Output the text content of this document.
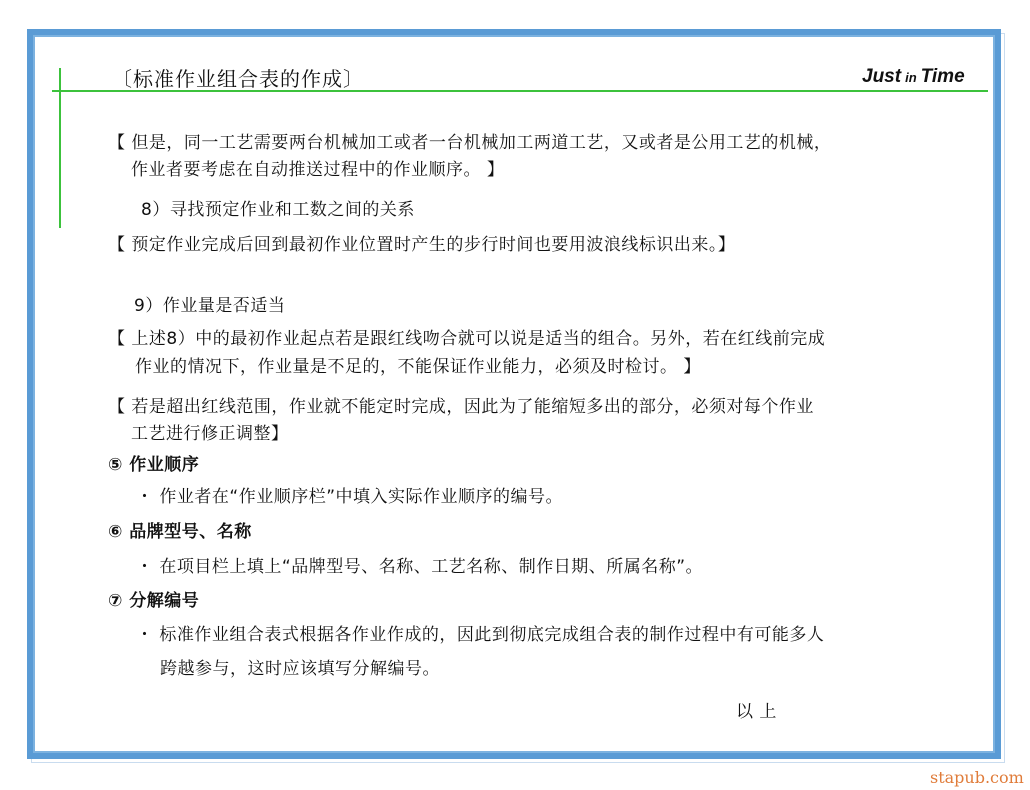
〔标准作业组合表的作成〕	Just in Time
【 但是，同一工艺需要两台机械加工或者一台机械加工两道工艺，又或者是公用工艺的机械，
作业者要考虑在自动推送过程中的作业顺序。 】
8）寻找预定作业和工数之间的关系
【 预定作业完成后回到最初作业位置时产生的步行时间也要用波浪线标识出来。】
9）作业量是否适当
【 上述8）中的最初作业起点若是跟红线吻合就可以说是适当的组合。另外，若在红线前完成
作业的情况下，作业量是不足的，不能保证作业能力，必须及时检讨。 】
【 若是超出红线范围，作业就不能定时完成，因此为了能缩短多出的部分，必须对每个作业
工艺进行修正调整】
⑤ 作业顺序
・ 作业者在“作业顺序栏”中填入实际作业顺序的编号。
⑥ 品牌型号、名称
・ 在项目栏上填上“品牌型号、名称、工艺名称、制作日期、所属名称”。
⑦ 分解编号
・ 标准作业组合表式根据各作业作成的，因此到彻底完成组合表的制作过程中有可能多人
跨越参与，这时应该填写分解编号。
以 上
stapub.com
